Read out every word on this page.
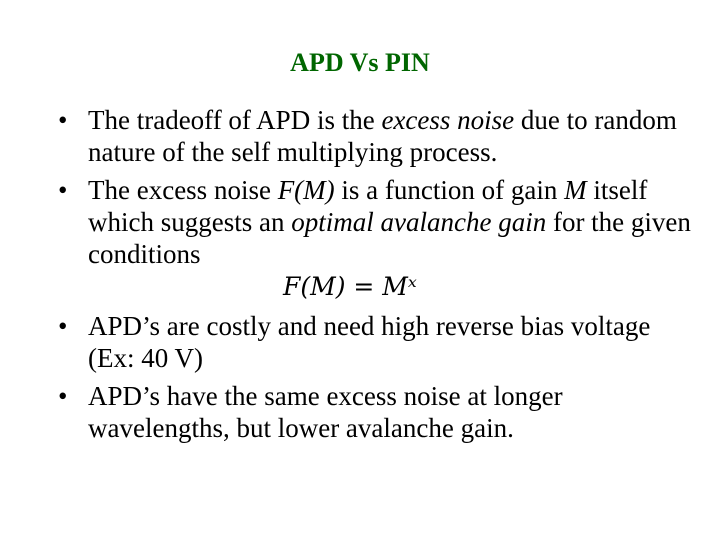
APD Vs PIN
• The tradeoff of APD is the excess noise due to random nature of the self multiplying process.
• The excess noise F(M) is a function of gain M itself which suggests an optimal avalanche gain for the given conditions
F(M) = Mˣ
• APD’s are costly and need high reverse bias voltage (Ex: 40 V)
• APD’s have the same excess noise at longer wavelengths, but lower avalanche gain.
